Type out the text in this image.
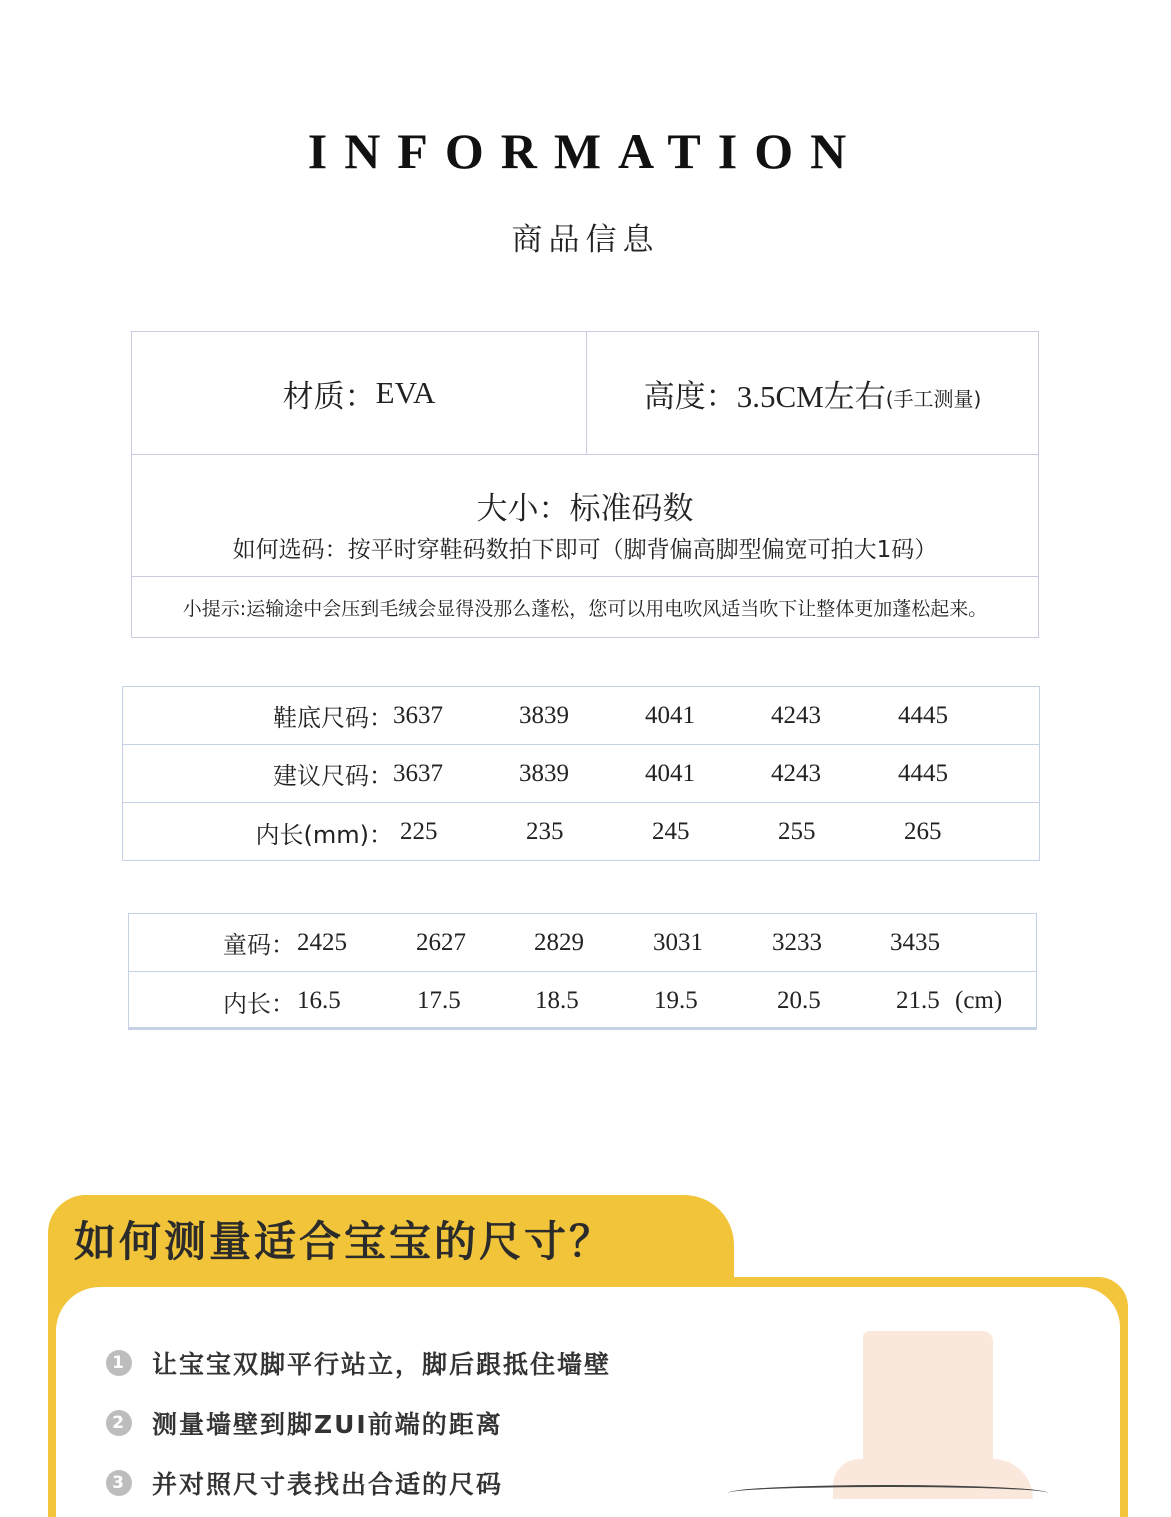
INFORMATION
商品信息
材质： EVA	高度： 3.5CM左右 (手工测量)
大小：标准码数
如何选码：按平时穿鞋码数拍下即可（脚背偏高脚型偏宽可拍大1码）
小提示:运输途中会压到毛绒会显得没那么蓬松，您可以用电吹风适当吹下让整体更加蓬松起来。
鞋底尺码： 3637	3839	4041	4243	4445
建议尺码： 3637	3839	4041	4243	4445
内长(mm)： 225	235	245	255	265
童码： 2425	2627	2829	3031	3233	3435
内长： 16.5	17.5	18.5	19.5	20.5	21.5 (cm)
如何测量适合宝宝的尺寸？
1 让宝宝双脚平行站立，脚后跟抵住墙壁
2 测量墙壁到脚ZUI前端的距离
3 并对照尺寸表找出合适的尺码
